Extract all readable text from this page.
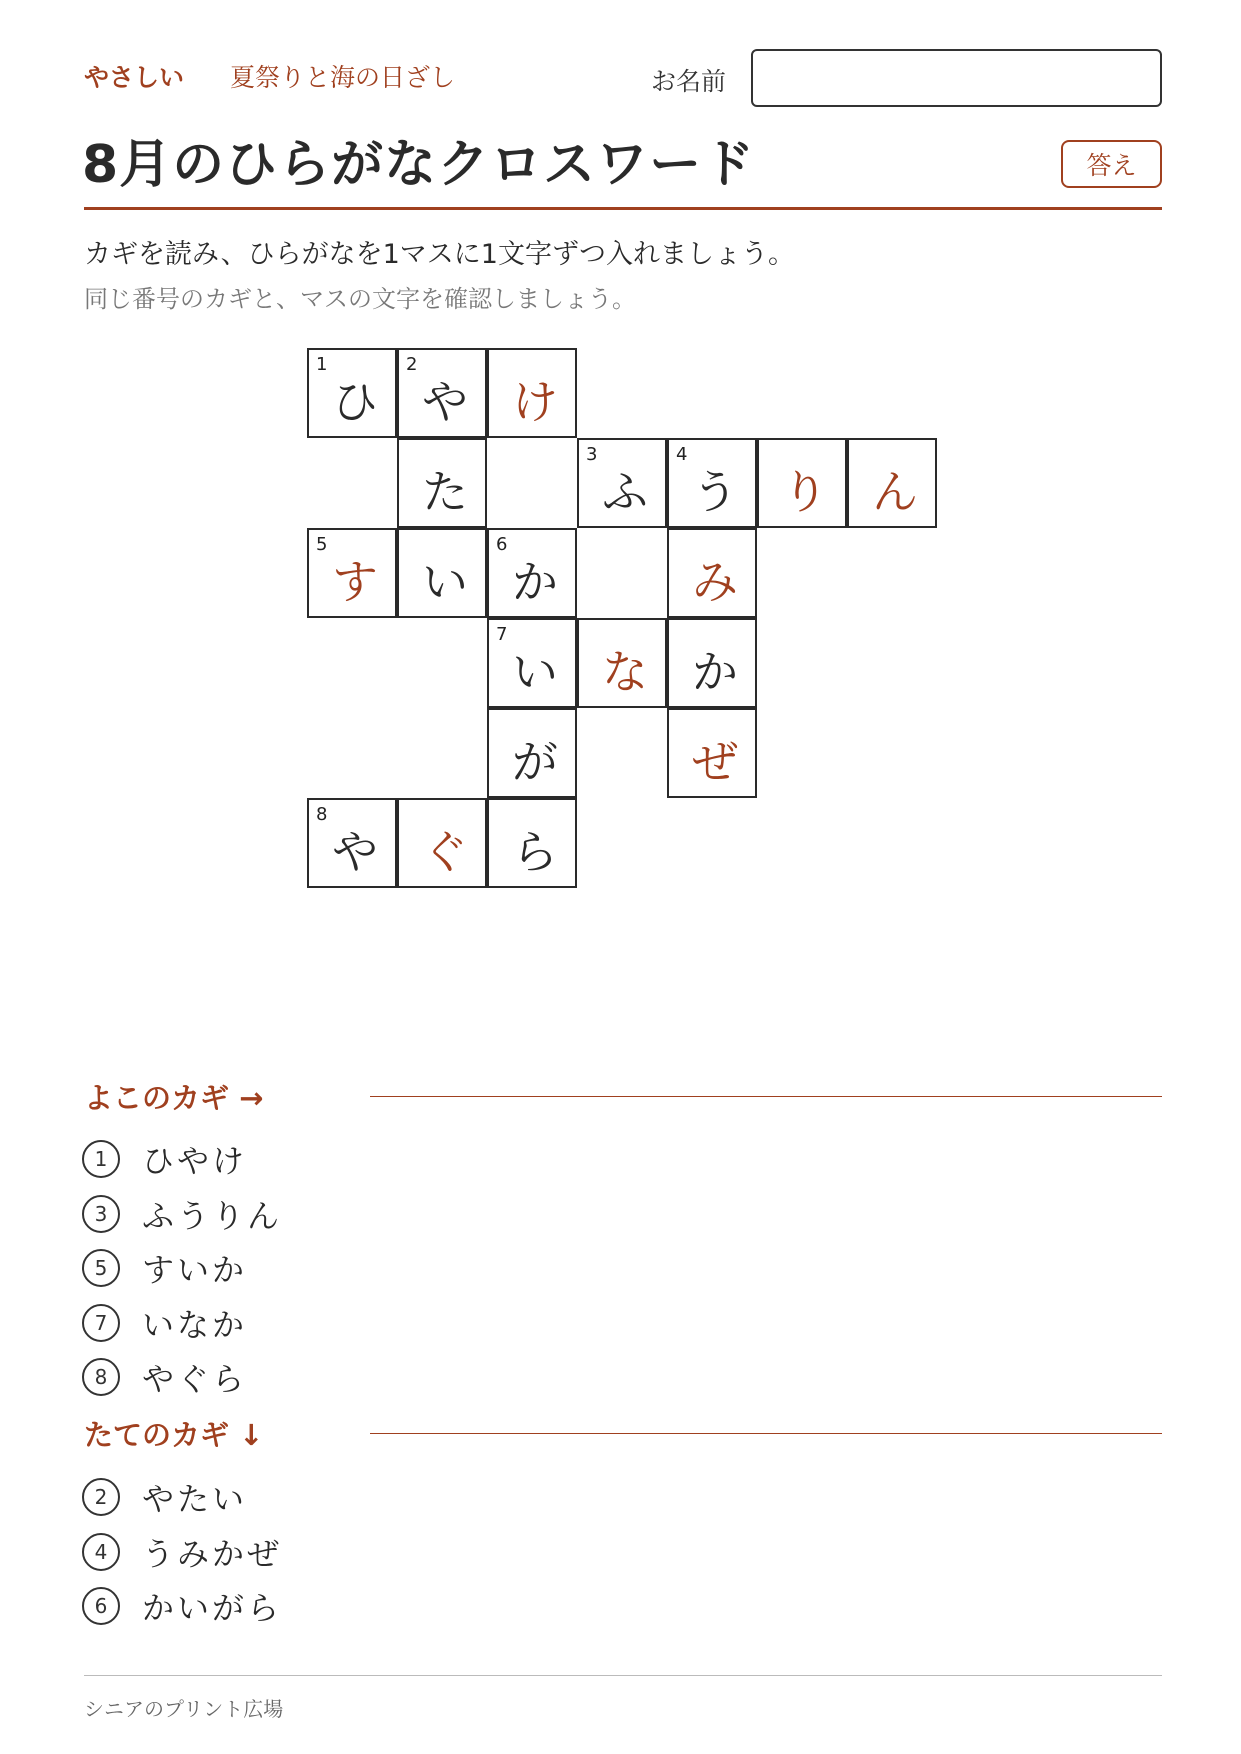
やさしい 夏祭りと海の日ざし	お名前
8月のひらがなクロスワード	答え

カギを読み、ひらがなを1マスに1文字ずつ入れましょう。

同じ番号のカギと、マスの文字を確認しましょう。

1
ひ
2
や け
た
3
ふ
4
う り ん
5
す い
6
か	み
7
い な か
が	ぜ
8
や ぐ ら
よこのカギ →
1	ひやけ
3	ふうりん
5	すいか
7	いなか
8	やぐら
たてのカギ ↓
2	やたい
4	うみかぜ
6	かいがら
シニアのプリント広場
